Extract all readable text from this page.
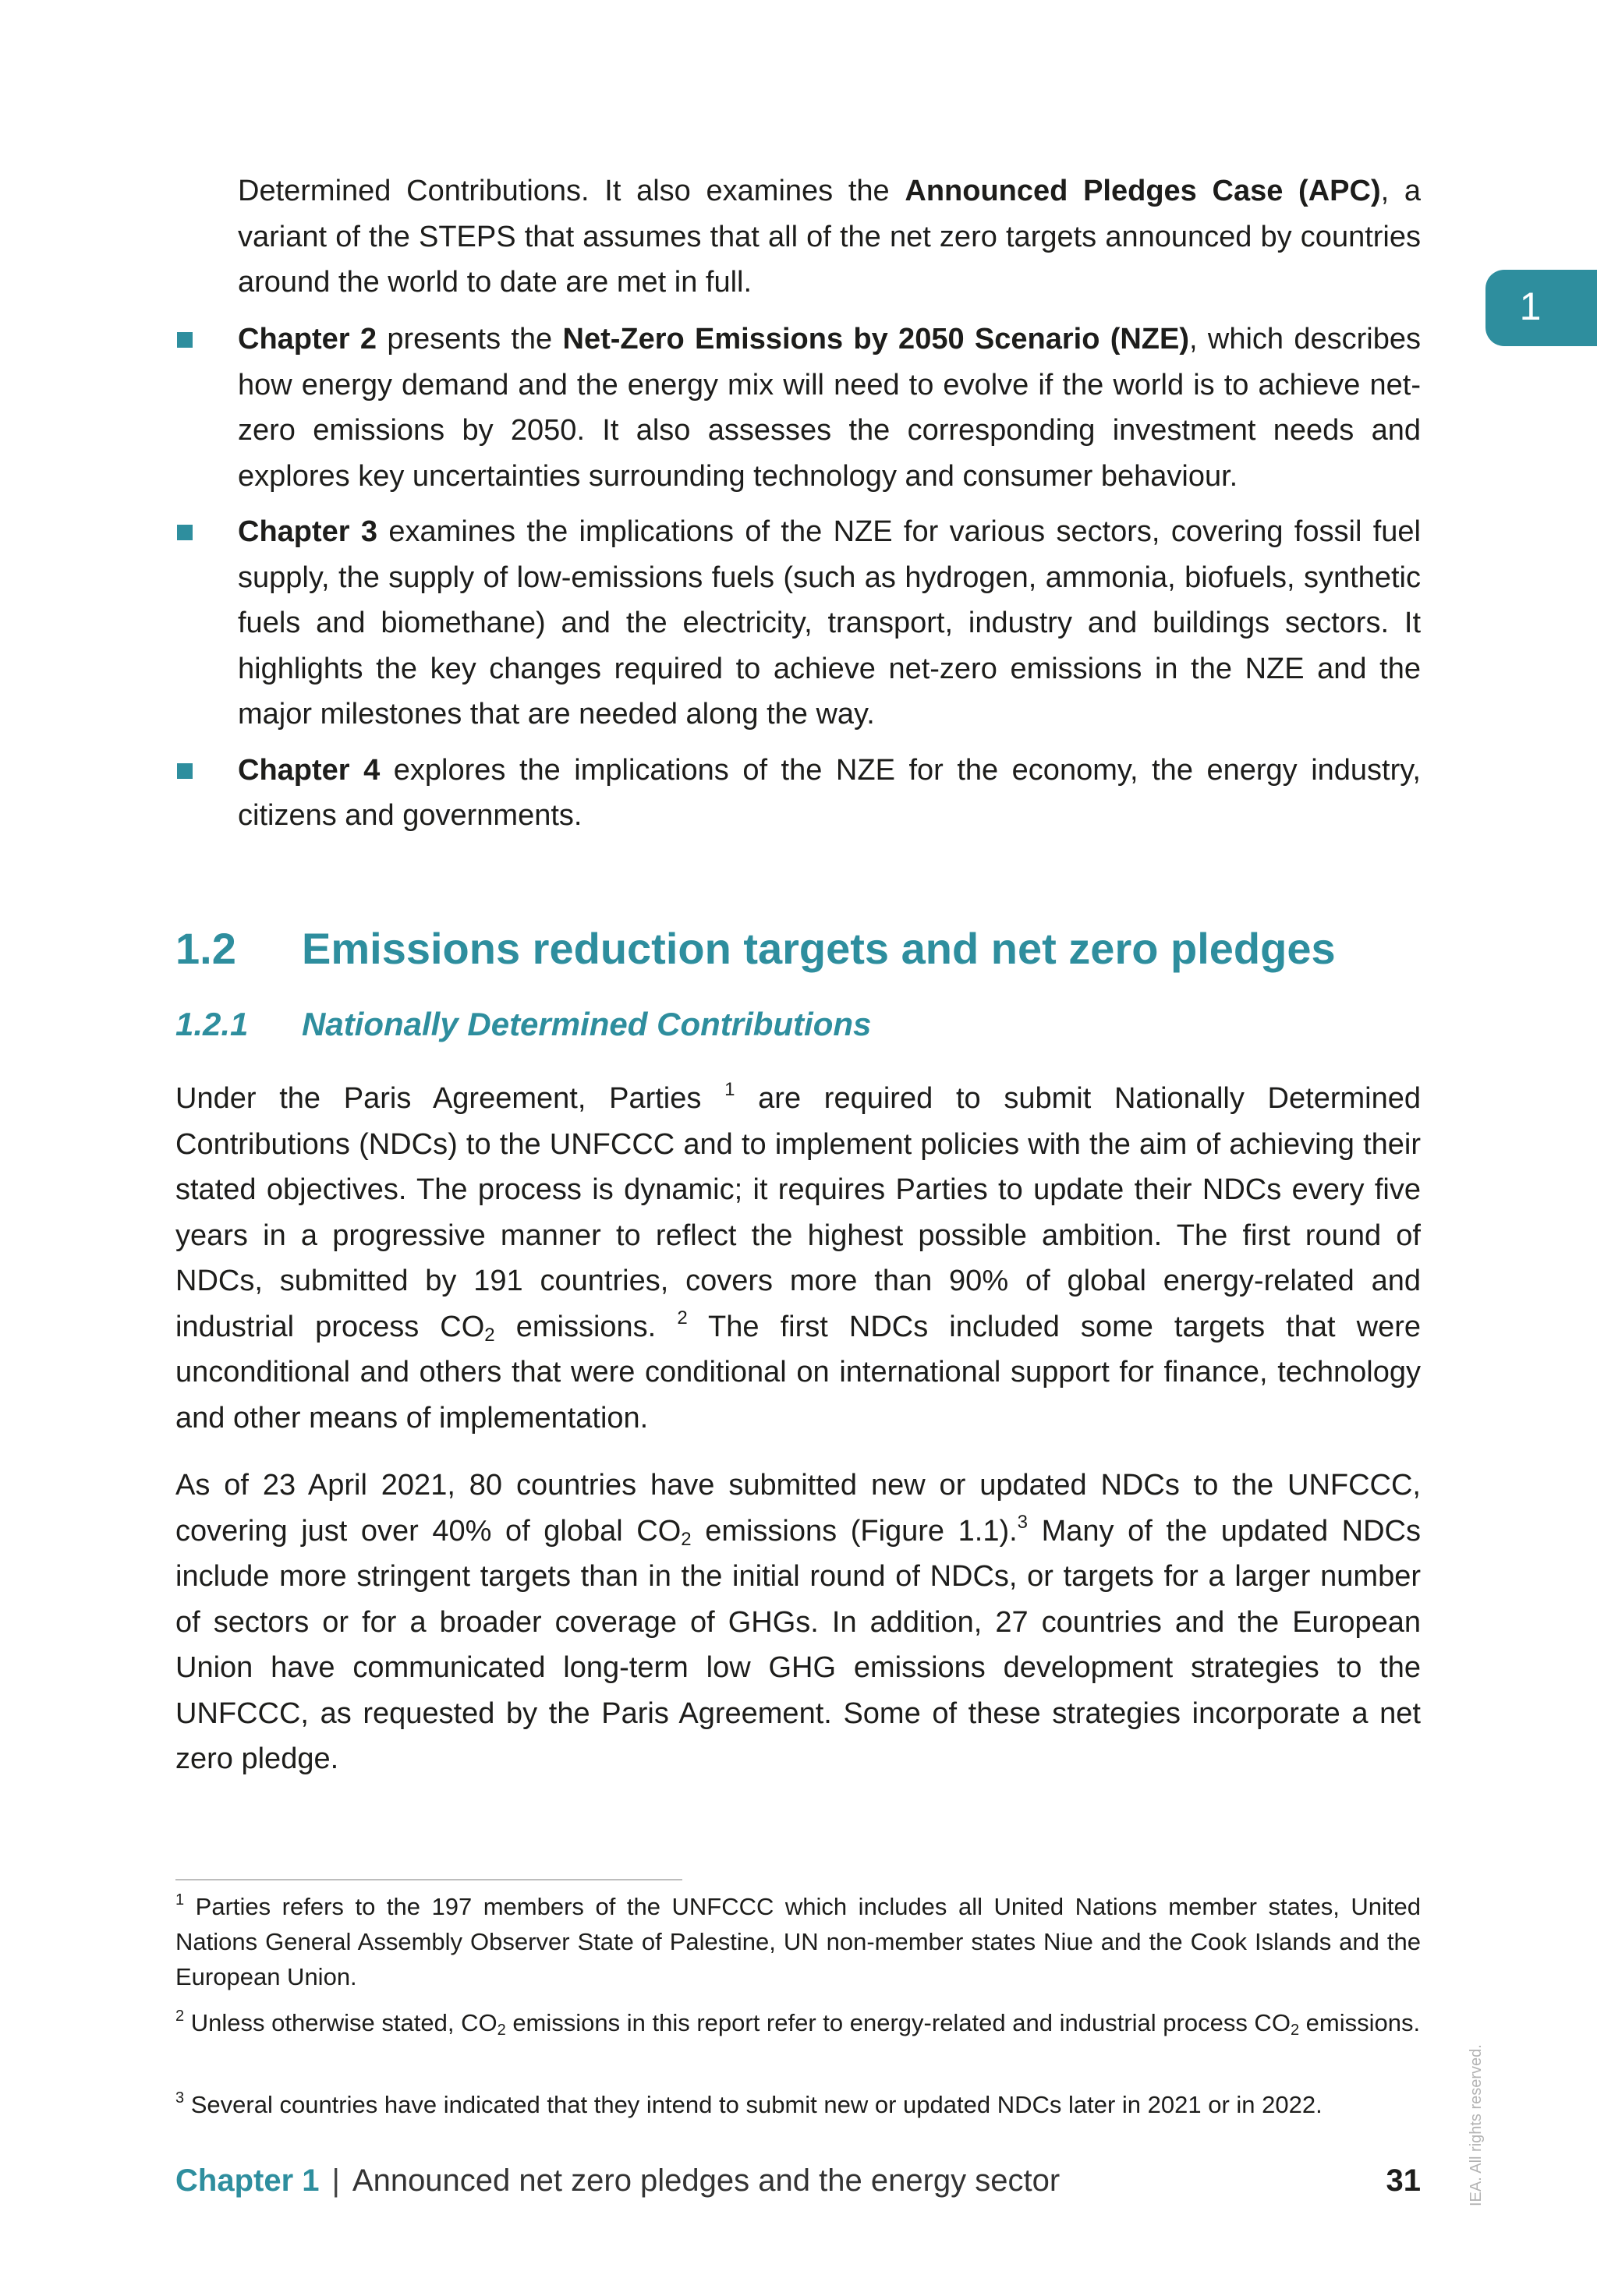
1

Determined Contributions. It also examines the Announced Pledges Case (APC), a variant of the STEPS that assumes that all of the net zero targets announced by countries around the world to date are met in full.

Chapter 2 presents the Net-Zero Emissions by 2050 Scenario (NZE), which describes how energy demand and the energy mix will need to evolve if the world is to achieve net-zero emissions by 2050. It also assesses the corresponding investment needs and explores key uncertainties surrounding technology and consumer behaviour.
Chapter 3 examines the implications of the NZE for various sectors, covering fossil fuel supply, the supply of low-emissions fuels (such as hydrogen, ammonia, biofuels, synthetic fuels and biomethane) and the electricity, transport, industry and buildings sectors. It highlights the key changes required to achieve net-zero emissions in the NZE and the major milestones that are needed along the way.
Chapter 4 explores the implications of the NZE for the economy, the energy industry, citizens and governments.
1.2 Emissions reduction targets and net zero pledges
1.2.1 Nationally Determined Contributions

Under the Paris Agreement, Parties $^1$ are required to submit Nationally Determined Contributions (NDCs) to the UNFCCC and to implement policies with the aim of achieving their stated objectives. The process is dynamic; it requires Parties to update their NDCs every five years in a progressive manner to reflect the highest possible ambition. The first round of NDCs, submitted by 191 countries, covers more than 90% of global energy-related and industrial process $CO_2$ emissions. $^2$ The first NDCs included some targets that were unconditional and others that were conditional on international support for finance, technology and other means of implementation.

As of 23 April 2021, 80 countries have submitted new or updated NDCs to the UNFCCC, covering just over 40% of global $CO_2$ emissions (Figure 1.1).$^3$ Many of the updated NDCs include more stringent targets than in the initial round of NDCs, or targets for a larger number of sectors or for a broader coverage of GHGs. In addition, 27 countries and the European Union have communicated long-term low GHG emissions development strategies to the UNFCCC, as requested by the Paris Agreement. Some of these strategies incorporate a net zero pledge.

$^1$ Parties refers to the 197 members of the UNFCCC which includes all United Nations member states, United Nations General Assembly Observer State of Palestine, UN non-member states Niue and the Cook Islands and the European Union.

$^2$ Unless otherwise stated, $CO_2$ emissions in this report refer to energy-related and industrial process $CO_2$ emissions.

$^3$ Several countries have indicated that they intend to submit new or updated NDCs later in 2021 or in 2022.

Chapter 1 | Announced net zero pledges and the energy sector	31	IEA. All rights reserved.
